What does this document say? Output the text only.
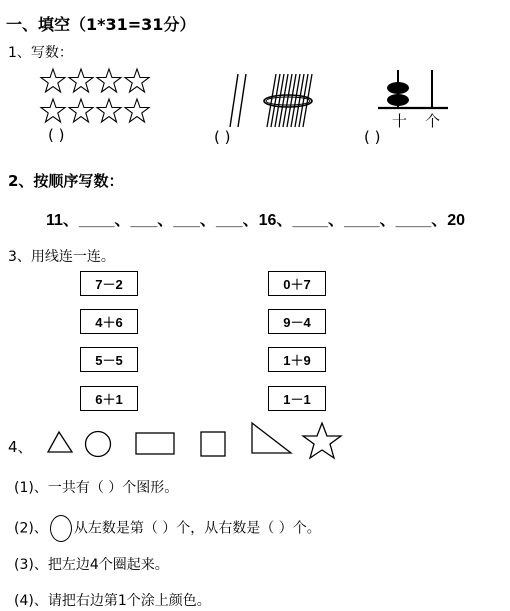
一、填空（1*31=31分）
1、写数：
( )	( )
十 个
( )
2、按顺序写数：
11、____、___、___、___、16、____、____、____、20
3、用线连一连。
7－2
4＋6
5－5
6＋1
0＋7
9－4
1＋9
1－1
4、
(1)、一共有（ ）个图形。
(2)、 从左数是第（ ）个，从右数是（ ）个。
(3)、把左边4个圈起来。
(4)、请把右边第1个涂上颜色。
